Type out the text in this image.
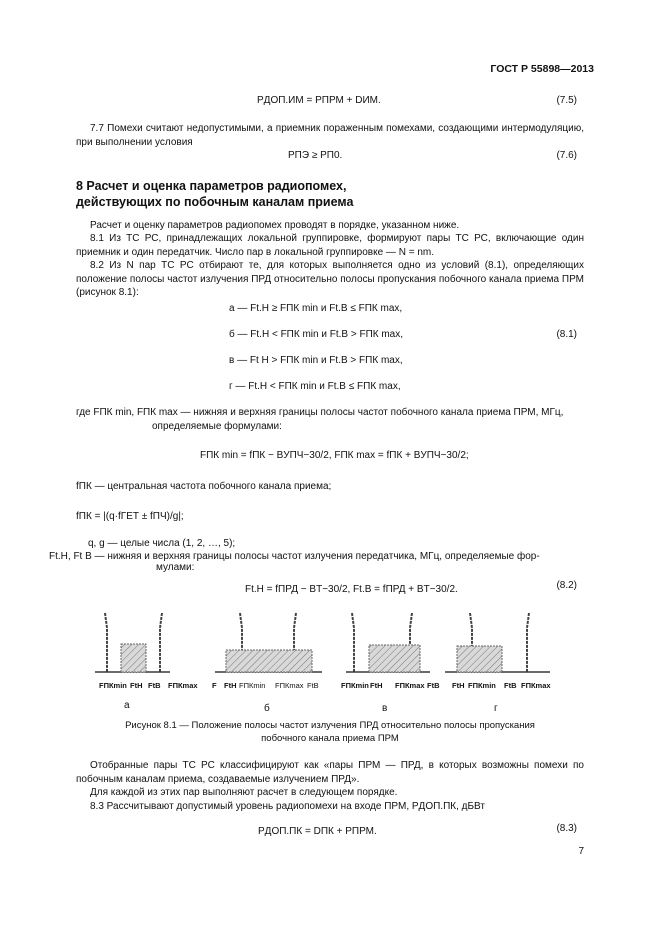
ГОСТ Р 55898—2013
PДОП.ИМ = PПРМ + DИМ.	(7.5)
7.7 Помехи считают недопустимыми, а приемник пораженным помехами, создающими интермодуляцию, при выполнении условия
PПЭ ≥ PП0.	(7.6)
8 Расчет и оценка параметров радиопомех,
действующих по побочным каналам приема
Расчет и оценку параметров радиопомех проводят в порядке, указанном ниже.
8.1 Из ТС РС, принадлежащих локальной группировке, формируют пары ТС РС, включающие один приемник и один передатчик. Число пар в локальной группировке — N = nm.
8.2 Из N пар ТС РС отбирают те, для которых выполняется одно из условий (8.1), определяющих положение полосы частот излучения ПРД относительно полосы пропускания побочного канала приема ПРМ (рисунок 8.1):
а — Ft.H ≥ FПК min и Ft.B ≤ FПК max,
б — Ft.H < FПК min и Ft.B > FПК max,
в — Ft H > FПК min и Ft.B > FПК max,
г — Ft.H < FПК min и Ft.B ≤ FПК max,
(8.1)
где FПК min, FПК max — нижняя и верхняя границы полосы частот побочного канала приема ПРМ, МГц,
определяемые формулами:
FПК min = fПК − BУПЧ−30/2, FПК max = fПК + BУПЧ−30/2;
fПК — центральная частота побочного канала приема;
fПК = |(q·fГЕТ ± fПЧ)/g|;
q, g — целые числа (1, 2, …, 5);
Ft.H, Ft B — нижняя и верхняя границы полосы частот излучения передатчика, МГц, определяемые фор-
мулами:
Ft.H = fПРД − BT−30/2, Ft.B = fПРД + BT−30/2.	(8.2)
FПКmin FtH FtB FПКmax F FtH FПКmin FПКmax FtB	FПКmin FtH FПКmax FtB FtH FПКmin FtB FПКmax
а	б	в	г
Рисунок 8.1 — Положение полосы частот излучения ПРД относительно полосы пропускания
побочного канала приема ПРМ
Отобранные пары ТС РС классифицируют как «пары ПРМ — ПРД, в которых возможны помехи по побочным каналам приема, создаваемые излучением ПРД».
Для каждой из этих пар выполняют расчет в следующем порядке.
8.3 Рассчитывают допустимый уровень радиопомехи на входе ПРМ, PДОП.ПК, дБВт
PДОП.ПК = DПК + PПРМ.	(8.3)
7
